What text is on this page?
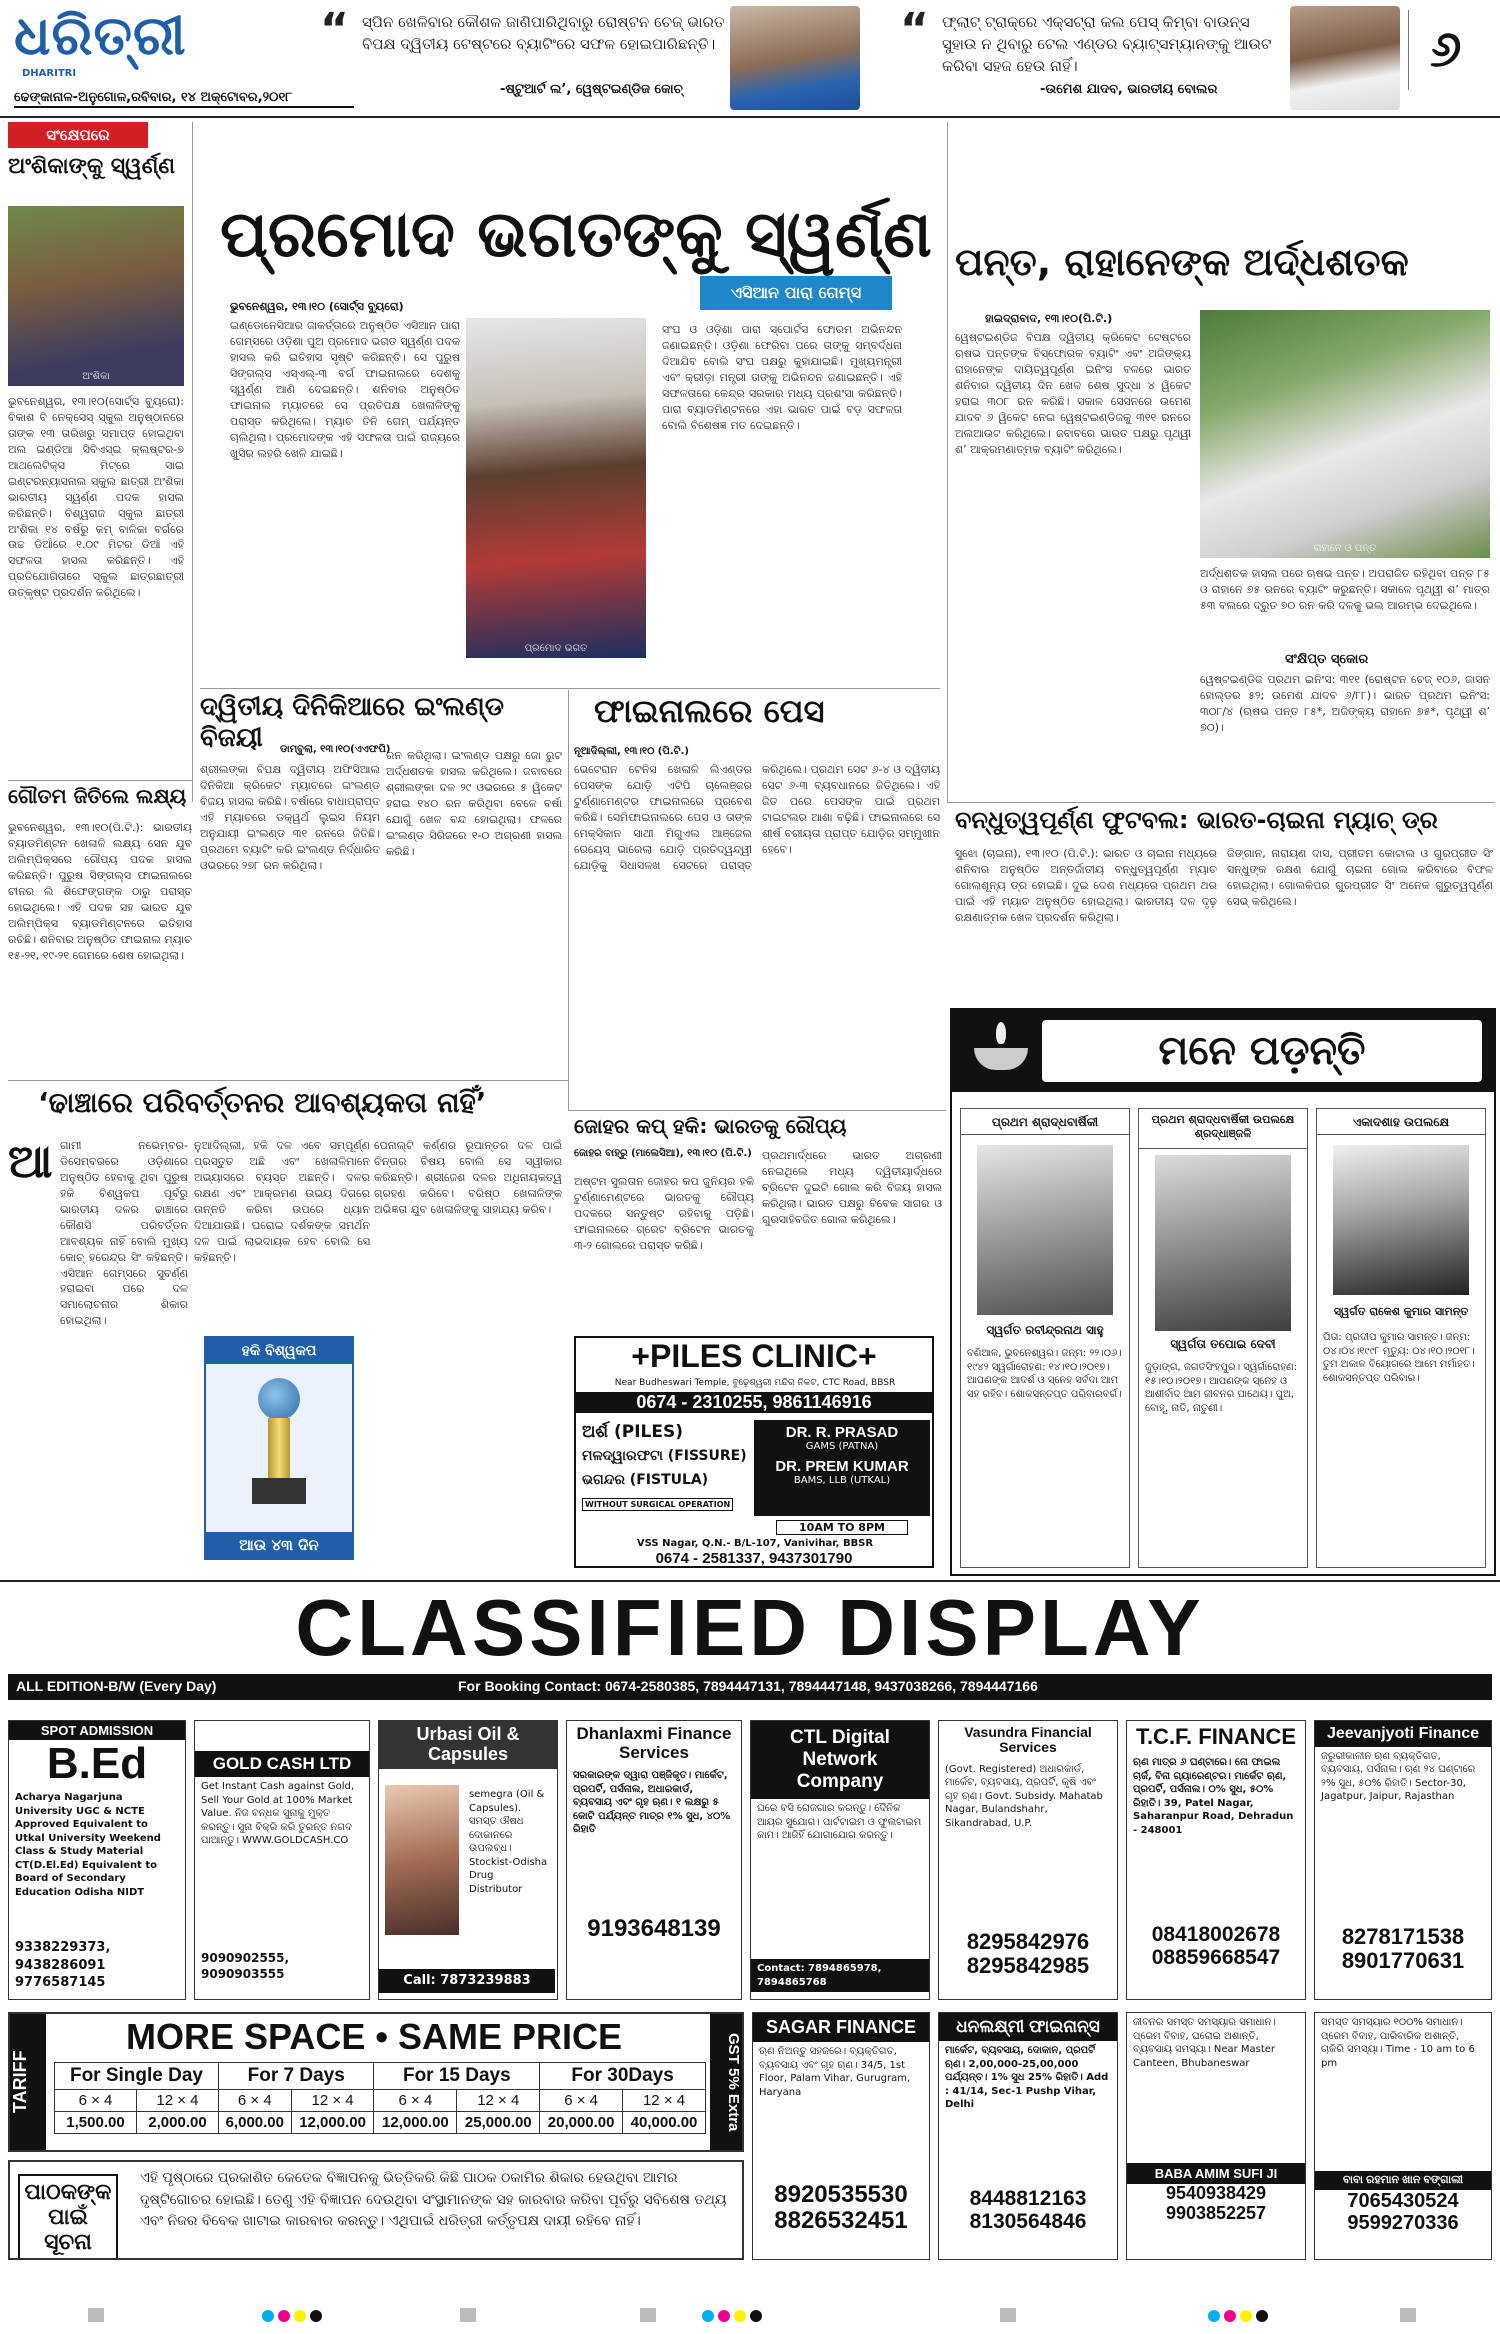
ଧରିତ୍ରୀ
DHARITRI
ଢେଙ୍କାନାଳ-ଅନୁଗୋଳ,ରବିବାର, ୧୪ ଅକ୍ଟୋବର,୨୦୧୮
୬
“ ସ୍ପିନ ଖେଳିବାର କୌଶଳ ଜାଣିପାରିଥିବାରୁ ରୋଷ୍ଟନ ଚେଜ୍ ଭାରତ ବିପକ୍ଷ ଦ୍ୱିତୀୟ ଟେଷ୍ଟରେ ବ୍ୟାଟିଂରେ ସଫଳ ହୋଇପାରିଛନ୍ତି।
-ଷ୍ଟୁଆର୍ଟ ଲ’, ୱେଷ୍ଟଇଣ୍ଡିଜ କୋଚ୍
“ ଫ୍ଲାଟ୍ ଟ୍ରାକ୍‌ରେ ଏକ୍ସଟ୍ରା କଲ ପେସ୍ କିମ୍ବା ବାଉନ୍ସ ସୁହାଉ ନ ଥିବାରୁ ଟେଲ ଏଣ୍ଡର ବ୍ୟାଟ୍ସମ୍ୟାନଙ୍କୁ ଆଉଟ କରିବା ସହଜ ହେଉ ନାହିଁ।
-ଉମେଶ ଯାଦବ, ଭାରତୀୟ ବୋଲର
ସଂକ୍ଷେପରେ
ଅଂଶିକାଙ୍କୁ ସ୍ୱର୍ଣ୍ଣ
ଅଂଶିକା
ଭୁବନେଶ୍ୱର, ୧୩।୧୦(ସୋର୍ଟ୍ସ ବ୍ୟୁରୋ): ବିକାଶ ବି ନେକ୍ସେସ୍ ସ୍କୁଲ ଅନୁଷ୍ଠାନରେ ତାଙ୍କ ୧୩ ତାରିଖରୁ ସମାପ୍ତ ହୋଇଥିବା ଅଲ ଇଣ୍ଡିଆ ସିବିଏସ୍‌ଇ କ୍ଲଷ୍ଟର-୭ ଆଥଲେଟିକ୍ସ ମିଟ୍‌ରେ ସାଇ ଇଣ୍ଟରନ୍ୟାସନାଲ ସ୍କୁଲ ଛାତ୍ରୀ ଅଂଶିକା ଭାରତୀୟ ସ୍ୱର୍ଣ୍ଣ ପଦକ ହାସଲ କରିଛନ୍ତି। ବିଶ୍ୱରାଜ ସ୍କୁଲ ଛାତ୍ରୀ ଅଂଶିକା ୧୪ ବର୍ଷରୁ କମ୍ ବାଳିକା ବର୍ଗରେ ଉଚ୍ଚ ଡିଆଁରେ ୧.୦୯ ମିଟର ଡିଆଁ ଏହି ସଫଳତା ହାସଲ କରିଛନ୍ତି। ଏହି ପ୍ରତିଯୋଗିତାରେ ସ୍କୁଲ ଛାତ୍ରଛାତ୍ରୀ ଉତ୍କୃଷ୍ଟ ପ୍ରଦର୍ଶନ କରିଥିଲେ।
ପ୍ରମୋଦ ଭଗତଙ୍କୁ ସ୍ୱର୍ଣ୍ଣ
ଭୁବନେଶ୍ୱର, ୧୩।୧୦ (ସୋର୍ଟ୍ସ ବ୍ୟୁରୋ)
ଇଣ୍ଡୋନେସିଆର ଜାକର୍ତ୍ତାରେ ଅନୁଷ୍ଠିତ ଏସିଆନ ପାରା ଗେମ୍‌ସରେ ଓଡ଼ିଶା ପୁଅ ପ୍ରମୋଦ ଭଗତ ସ୍ୱର୍ଣ୍ଣ ପଦକ ହାସଲ କରି ଇତିହାସ ସୃଷ୍ଟି କରିଛନ୍ତି। ସେ ପୁରୁଷ ସିଙ୍ଗଲ୍ସ ଏସ୍‌ଏଲ୍-୩ ବର୍ଗ ଫାଇନାଲରେ ଦେଶକୁ ସ୍ୱର୍ଣ୍ଣ ଆଣି ଦେଇଛନ୍ତି। ଶନିବାର ଅନୁଷ୍ଠିତ ଫାଇନାଲ ମ୍ୟାଚରେ ସେ ପ୍ରତିପକ୍ଷ ଖେଳାଳିଙ୍କୁ ପରାସ୍ତ କରିଥିଲେ। ମ୍ୟାଚ ତିନି ଗେମ୍ ପର୍ଯ୍ୟନ୍ତ ଚାଲିଥିଲା। ପ୍ରମୋଦଙ୍କ ଏହି ସଫଳତା ପାଇଁ ରାଜ୍ୟରେ ଖୁସିର ଲହରି ଖେଳି ଯାଇଛି।
ପ୍ରମୋଦ ଭଗତ
ଏସିଆନ ପାରା ଗେମ୍ସ
ସଂଘ ଓ ଓଡ଼ିଶା ପାରା ସ୍ପୋର୍ଟସ ଫୋରମ ଅଭିନନ୍ଦନ ଜଣାଇଛନ୍ତି। ଓଡ଼ିଶା ଫେରିବା ପରେ ତାଙ୍କୁ ସମ୍ବର୍ଦ୍ଧନା ଦିଆଯିବ ବୋଲି ସଂଘ ପକ୍ଷରୁ କୁହାଯାଇଛି। ମୁଖ୍ୟମନ୍ତ୍ରୀ ଏବଂ କ୍ରୀଡ଼ା ମନ୍ତ୍ରୀ ତାଙ୍କୁ ଅଭିନନ୍ଦନ ଜଣାଇଛନ୍ତି। ଏହି ସଫଳତାରେ କେନ୍ଦ୍ର ସରକାର ମଧ୍ୟ ପ୍ରଶଂସା କରିଛନ୍ତି। ପାରା ବ୍ୟାଡମିଣ୍ଟନରେ ଏହା ଭାରତ ପାଇଁ ବଡ଼ ସଫଳତା ବୋଲି ବିଶେଷଜ୍ଞ ମତ ଦେଇଛନ୍ତି।
ପନ୍ତ, ରାହାନେଙ୍କ ଅର୍ଦ୍ଧଶତକ
ହାଇଦ୍ରାବାଦ, ୧୩।୧୦(ପି.ଟି.)
ୱେଷ୍ଟଇଣ୍ଡିଜ ବିପକ୍ଷ ଦ୍ୱିତୀୟ କ୍ରିକେଟ ଟେଷ୍ଟରେ ଋଷଭ ପନ୍ତଙ୍କ ବିସ୍ଫୋରକ ବ୍ୟାଟିଂ ଏବଂ ଅଜିଙ୍କ୍ୟ ରାହାନେଙ୍କ ଦାୟିତ୍ୱପୂର୍ଣ୍ଣ ଇନିଂସ ବଳରେ ଭାରତ ଶନିବାର ଦ୍ୱିତୀୟ ଦିନ ଖେଳ ଶେଷ ସୁଦ୍ଧା ୪ ୱିକେଟ ହରାଇ ୩୦୮ ରନ କରିଛି। ସକାଳ ସେସନରେ ଉମେଶ ଯାଦବ ୬ ୱିକେଟ ନେଇ ୱେଷ୍ଟଇଣ୍ଡିଜକୁ ୩୧୧ ରନରେ ଅଲଆଉଟ କରିଥିଲେ। ଜବାବରେ ଭାରତ ପକ୍ଷରୁ ପୃଥ୍ୱୀ ଶ’ ଆକ୍ରମଣାତ୍ମକ ବ୍ୟାଟିଂ କରିଥିଲେ।
ରାହାନେ ଓ ପନ୍ତ
ଅର୍ଦ୍ଧଶତକ ହାସଲ ପରେ ଋଷଭ ପନ୍ତ। ଅପରାଜିତ ରହିଥିବା ପନ୍ତ ୮୫ ଓ ରାହାନେ ୭୫ ରନରେ ବ୍ୟାଟିଂ କରୁଛନ୍ତି। ସକାଳେ ପୃଥ୍ୱୀ ଶ’ ମାତ୍ର ୫୩ ବଲରେ ଦ୍ରୁତ ୭୦ ରନ କରି ଦଳକୁ ଭଲ ଆରମ୍ଭ ଦେଇଥିଲେ।
ସଂକ୍ଷିପ୍ତ ସ୍କୋର
ୱେଷ୍ଟଇଣ୍ଡିଜ ପ୍ରଥମ ଇନିଂସ: ୩୧୧ (ରୋଷ୍ଟନ ଚେଜ୍ ୧୦୬, ଜାସନ ହୋଲ୍ଡର ୫୨; ଉମେଶ ଯାଦବ ୬/୮୮)। ଭାରତ ପ୍ରଥମ ଇନିଂସ: ୩୦୮/୪ (ଋଷଭ ପନ୍ତ ୮୫*, ଅଜିଙ୍କ୍ୟ ରାହାନେ ୭୫*, ପୃଥ୍ୱୀ ଶ’ ୭୦)।
ଦ୍ୱିତୀୟ ଦିନିକିଆରେ ଇଂଲଣ୍ଡ ବିଜୟୀ	ଡାମ୍ବୁଲା, ୧୩।୧୦(ଏଏଫପି)
ଶ୍ରୀଲଙ୍କା ବିପକ୍ଷ ଦ୍ୱିତୀୟ ଅଫିସିଆଲ ଦିନିକିଆ କ୍ରିକେଟ ମ୍ୟାଚରେ ଇଂଲଣ୍ଡ ବିଜୟ ହାସଲ କରିଛି। ବର୍ଷାରେ ବାଧାପ୍ରାପ୍ତ ଏହି ମ୍ୟାଚରେ ଡକ୍‌ୱର୍ଥ ଲୁଇସ ନିୟମ ଅନୁଯାୟୀ ଇଂଲଣ୍ଡ ୩୧ ରନରେ ଜିତିଛି। ପ୍ରଥମେ ବ୍ୟାଟିଂ କରି ଇଂଲଣ୍ଡ ନିର୍ଦ୍ଧାରିତ ଓଭରରେ ୨୭୮ ରନ କରିଥିଲା।
ରନ କରିଥିଲା। ଇଂଲଣ୍ଡ ପକ୍ଷରୁ ଜୋ ରୁଟ ଅର୍ଦ୍ଧଶତକ ହାସଲ କରିଥିଲେ। ଜବାବରେ ଶ୍ରୀଲଙ୍କା ଦଳ ୨୯ ଓଭରରେ ୫ ୱିକେଟ ହରାଇ ୧୪୦ ରନ କରିଥିବା ବେଳେ ବର୍ଷା ଯୋଗୁଁ ଖେଳ ବନ୍ଦ ହୋଇଥିଲା। ଫଳରେ ଇଂଲଣ୍ଡ ସିରିଜରେ ୧-୦ ଅଗ୍ରଣୀ ହାସଲ କରିଛି।
ଫାଇନାଲରେ ପେସ
ନୂଆଦିଲ୍ଲୀ, ୧୩।୧୦ (ପି.ଟି.)
ଭେଟେରାନ ଟେନିସ ଖେଳାଳି ଲିଏଣ୍ଡର ପେସଙ୍କ ଯୋଡ଼ି ଏଟିପି ଚାଲେଞ୍ଜର ଟୁର୍ଣ୍ଣାମେଣ୍ଟର ଫାଇନାଲରେ ପ୍ରବେଶ କରିଛି। ସେମିଫାଇନାଲରେ ପେସ ଓ ତାଙ୍କ ମେକ୍ସିକାନ ସାଥୀ ମିଗୁଏଲ ଆଞ୍ଜେଲ ରେୟେସ୍ ଭାରେଲା ଯୋଡ଼ି ପ୍ରତିଦ୍ୱନ୍ଦ୍ୱୀ ଯୋଡ଼ିକୁ ସିଧାସଳଖ ସେଟରେ ପରାସ୍ତ କରିଥିଲେ। ପ୍ରଥମ ସେଟ ୬-୪ ଓ ଦ୍ୱିତୀୟ ସେଟ ୬-୩ ବ୍ୟବଧାନରେ ଜିତିଥିଲେ। ଏହି ଜିତ ପରେ ପେସଙ୍କ ପାଇଁ ପ୍ରଥମ ଟାଇଟଲର ଆଶା ବଢ଼ିଛି। ଫାଇନାଲରେ ସେ ଶୀର୍ଷ ବରୀୟତା ପ୍ରାପ୍ତ ଯୋଡ଼ିର ସମ୍ମୁଖୀନ ହେବେ।
ଗୌତମ ଜିତିଲେ ଲକ୍ଷ୍ୟ
ଭୁବନେଶ୍ୱର, ୧୩।୧୦(ପି.ଟି.): ଭାରତୀୟ ବ୍ୟାଡମିଣ୍ଟନ ଖେଳାଳି ଲକ୍ଷ୍ୟ ସେନ ଯୁବ ଅଲିମ୍ପିକ୍ସରେ ରୌପ୍ୟ ପଦକ ହାସଲ କରିଛନ୍ତି। ପୁରୁଷ ସିଙ୍ଗଲ୍ସ ଫାଇନାଲରେ ଚୀନର ଲି ଶିଫେଙ୍ଗଙ୍କ ଠାରୁ ପରାସ୍ତ ହୋଇଥିଲେ। ଏହି ପଦକ ସହ ଭାରତ ଯୁବ ଅଲିମ୍ପିକ୍ସ ବ୍ୟାଡମିଣ୍ଟନରେ ଇତିହାସ ରଚିଛି। ଶନିବାର ଅନୁଷ୍ଠିତ ଫାଇନାଲ ମ୍ୟାଚ ୧୫-୨୧, ୧୯-୨୧ ଗେମରେ ଶେଷ ହୋଇଥିଲା।
ବନ୍ଧୁତ୍ୱପୂର୍ଣ୍ଣ ଫୁଟବଲ: ଭାରତ-ଚାଇନା ମ୍ୟାଚ୍ ଡ୍ର
ସୁଝୋ (ଚାଇନା), ୧୩।୧୦ (ପି.ଟି.): ଭାରତ ଓ ଚାଇନା ମଧ୍ୟରେ ଶନିବାର ଅନୁଷ୍ଠିତ ଅନ୍ତର୍ଜାତୀୟ ବନ୍ଧୁତ୍ୱପୂର୍ଣ୍ଣ ମ୍ୟାଚ ଗୋଲଶୂନ୍ୟ ଡ୍ର ହୋଇଛି। ଦୁଇ ଦେଶ ମଧ୍ୟରେ ପ୍ରଥମ ଥର ପାଇଁ ଏହି ମ୍ୟାଚ ଅନୁଷ୍ଠିତ ହୋଇଥିଲା। ଭାରତୀୟ ଦଳ ଦୃଢ଼ ରକ୍ଷଣାତ୍ମକ ଖେଳ ପ୍ରଦର୍ଶନ କରିଥିଲା।
ଜିଙ୍ଗାନ, ନାରାୟଣ ଦାସ, ପ୍ରୀତମ କୋଟାଲ ଓ ଗୁରପ୍ରୀତ ସିଂ ସନ୍ଧୁଙ୍କ ରକ୍ଷଣ ଯୋଗୁଁ ଚାଇନା ଗୋଲ କରିବାରେ ବିଫଳ ହୋଇଥିଲା। ଗୋଲକିପର ଗୁରପ୍ରୀତ ସିଂ ଅନେକ ଗୁରୁତ୍ୱପୂର୍ଣ୍ଣ ସେଭ୍ କରିଥିଲେ।
ମନେ ପଡ଼ନ୍ତି
ପ୍ରଥମ ଶ୍ରାଦ୍ଧବାର୍ଷିକୀ
ସ୍ୱର୍ଗତ ରବୀନ୍ଦ୍ରନାଥ ସାହୁ
ବଣିଆଳ, ଭୁବନେଶ୍ୱର। ଜନ୍ମ: ୨୨।୦୬।୧୯୪୨ ସ୍ୱର୍ଗାରୋହଣ: ୧୪।୧୦।୨୦୧୭। ଆପଣଙ୍କ ଆଦର୍ଶ ଓ ସ୍ନେହ ସର୍ବଦା ଆମ ସହ ରହିବ। ଶୋକସନ୍ତପ୍ତ ପରିବାରବର୍ଗ।
ପ୍ରଥମ ଶ୍ରାଦ୍ଧବାର୍ଷିକୀ ଉପଲକ୍ଷେ ଶ୍ରଦ୍ଧାଞ୍ଜଳି
ସ୍ୱର୍ଗତା ତପୋଇ ଦେବୀ
ଜୁଡ଼ାଙ୍ଗ, ଜଗତସିଂହପୁର। ସ୍ୱର୍ଗାରୋହଣ: ୧୫।୧୦।୨୦୧୭। ଆପଣଙ୍କ ସ୍ନେହ ଓ ଆଶୀର୍ବାଦ ଆମ ଜୀବନର ପାଥେୟ। ପୁଅ, ବୋହୂ, ନାତି, ନାତୁଣୀ।
ଏକାଦଶାହ ଉପଲକ୍ଷେ
ସ୍ୱର୍ଗତ ରାକେଶ କୁମାର ସାମନ୍ତ
ପିତା: ପ୍ରଦୀପ କୁମାର ସାମନ୍ତ। ଜନ୍ମ: ୦୪।୦୪।୧୯୯୮ ମୃତ୍ୟୁ: ୦୪।୧୦।୨୦୧୮। ତୁମ ଅକାଳ ବିୟୋଗରେ ଆମେ ମର୍ମାହତ। ଶୋକସନ୍ତପ୍ତ ପରିବାର।
‘ଢାଞ୍ଚାରେ ପରିବର୍ତ୍ତନର ଆବଶ୍ୟକତା ନାହିଁ’
ଆ ଗାମୀ ନଭେମ୍ବର-ଡିସେମ୍ବରରେ ଓଡ଼ିଶାରେ ଅନୁଷ୍ଠିତ ହେବାକୁ ଥିବା ପୁରୁଷ ହକି ବିଶ୍ୱକପ ପୂର୍ବରୁ ଭାରତୀୟ ଦଳର ଢାଞ୍ଚାରେ କୌଣସି ପରିବର୍ତ୍ତନ ଆବଶ୍ୟକ ନାହିଁ ବୋଲି ମୁଖ୍ୟ କୋଚ୍ ହରେନ୍ଦ୍ର ସିଂ କହିଛନ୍ତି। ଏସିଆନ ଗେମ୍ସରେ ସୁବର୍ଣ୍ଣ ହରାଇବା ପରେ ଦଳ ସମାଲୋଚନାର ଶିକାର ହୋଇଥିଲା।
ନୁଆଦିଲ୍ଲୀ, ହକି ଦଳ ଏବେ ସମ୍ପୂର୍ଣ୍ଣ ପ୍ରସ୍ତୁତ ଅଛି ଏବଂ ଖେଳାଳିମାନେ ଅଭ୍ୟାସରେ ବ୍ୟସ୍ତ ଅଛନ୍ତି। ଦଳର ରକ୍ଷଣ ଏବଂ ଆକ୍ରମଣ ଉଭୟ ଦିଗରେ ଉନ୍ନତି କରିବା ଉପରେ ଧ୍ୟାନ ଦିଆଯାଉଛି। ଘରୋଇ ଦର୍ଶକଙ୍କ ସମର୍ଥନ ଦଳ ପାଇଁ ଲାଭଦାୟକ ହେବ ବୋଲି ସେ କହିଛନ୍ତି।
ହକି ବିଶ୍ୱକପ
ଆଉ ୪୩ ଦିନ
ପେନାଲ୍ଟି କର୍ଣ୍ଣର ରୂପାନ୍ତର ଦଳ ପାଇଁ ଚିନ୍ତାର ବିଷୟ ବୋଲି ସେ ସ୍ୱୀକାର କରିଛନ୍ତି। ଶ୍ରୀଜେଶ ଦଳର ଅଧିନାୟକତ୍ୱ ଗ୍ରହଣ କରିବେ। ବରିଷ୍ଠ ଖେଳାଳିଙ୍କ ଅଭିଜ୍ଞତା ଯୁବ ଖେଳାଳିଙ୍କୁ ସାହାଯ୍ୟ କରିବ।
ଜୋହର କପ୍ ହକି: ଭାରତକୁ ରୌପ୍ୟ
ଜୋହର ବାହ୍ରୁ (ମାଲେସିଆ), ୧୩।୧୦ (ପି.ଟି.)
ଅଷ୍ଟମ ସୁଲତାନ ଜୋହର କପ ଜୁନିୟର ହକି ଟୁର୍ଣ୍ଣାମେଣ୍ଟରେ ଭାରତକୁ ରୌପ୍ୟ ପଦକରେ ସନ୍ତୁଷ୍ଟ ରହିବାକୁ ପଡ଼ିଛି। ଫାଇନାଲରେ ଗ୍ରେଟ ବ୍ରିଟେନ ଭାରତକୁ ୩-୨ ଗୋଲରେ ପରାସ୍ତ କରିଛି।
ପ୍ରଥମାର୍ଦ୍ଧରେ ଭାରତ ଅଗ୍ରଣୀ ନେଇଥିଲେ ମଧ୍ୟ ଦ୍ୱିତୀୟାର୍ଦ୍ଧରେ ବ୍ରିଟେନ ଦୁଇଟି ଗୋଲ କରି ବିଜୟ ହାସଲ କରିଥିଲା। ଭାରତ ପକ୍ଷରୁ ବିବେକ ସାଗର ଓ ଗୁରସାହିବଜିତ ଗୋଲ କରିଥିଲେ।
+PILES CLINIC+
Near Budheswari Temple, ବୁଢ଼େଶ୍ୱରୀ ମନ୍ଦିର ନିକଟ, CTC Road, BBSR
0674 - 2310255, 9861146916
ଅର୍ଶ (PILES)
ମଳଦ୍ୱାରଫଟା (FISSURE)
ଭଗନ୍ଦର (FISTULA)
WITHOUT SURGICAL OPERATION
DR. R. PRASAD
GAMS (PATNA)
DR. PREM KUMAR
BAMS, LLB (UTKAL)
10AM TO 8PM
VSS Nagar, Q.N.- B/L-107, Vanivihar, BBSR
0674 - 2581337, 9437301790
CLASSIFIED DISPLAY
ALL EDITION-B/W (Every Day)	For Booking Contact: 0674-2580385, 7894447131, 7894447148, 9437038266, 7894447166
SPOT ADMISSION
B.Ed
Acharya Nagarjuna University UGC & NCTE Approved Equivalent to Utkal University Weekend Class & Study Material CT(D.El.Ed) Equivalent to Board of Secondary Education Odisha NIDT
9338229373, 9438286091 9776587145
GOLD CASH LTD
Get Instant Cash against Gold, Sell Your Gold at 100% Market Value. ନିଜ ବନ୍ଧକ ସୁନାକୁ ମୁକ୍ତ କରନ୍ତୁ। ସୁନା ବିକ୍ରି କରି ତୁରନ୍ତ ନଗଦ ପାଆନ୍ତୁ। WWW.GOLDCASH.CO
9090902555, 9090903555
Urbasi Oil & Capsules
semegra (Oil & Capsules). ସମସ୍ତ ଔଷଧ ଦୋକାନରେ ଉପଲବ୍ଧ। Stockist-Odisha Drug Distributor
Call: 7873239883
Dhanlaxmi Finance Services
ସରକାରଙ୍କ ଦ୍ୱାରା ପଞ୍ଜିକୃତ। ମାର୍କେଟ, ପ୍ରପର୍ଟି, ପର୍ସନାଲ, ଅଧାରକାର୍ଡ, ବ୍ୟବସାୟ ଏବଂ ଗୃହ ଋଣ। ୧ ଲକ୍ଷରୁ ୫ କୋଟି ପର୍ଯ୍ୟନ୍ତ ମାତ୍ର ୧% ସୁଧ, ୪୦% ରିହାତି
9193648139
CTL Digital Network Company
ଘରେ ବସି ରୋଜଗାର କରନ୍ତୁ। ଦୈନିକ ଆୟର ସୁଯୋଗ। ପାର୍ଟଟାଇମ ଓ ଫୁଲଟାଇମ କାମ। ଆଜିହିଁ ଯୋଗାଯୋଗ କରନ୍ତୁ।
Contact: 7894865978, 7894865768
Vasundra Financial Services
(Govt. Registered) ଅଧାରକାର୍ଡ, ମାର୍କେଟ, ବ୍ୟବସାୟ, ପ୍ରପର୍ଟି, କୃଷି ଏବଂ ଗୃହ ଋଣ। Govt. Subsidy. Mahatab Nagar, Bulandshahr, Sikandrabad, U.P.
8295842976 8295842985
T.C.F. FINANCE
ଋଣ ମାତ୍ର ୬ ଘଣ୍ଟାରେ। ନୋ ଫାଇଲ ଚାର୍ଜ, ବିନା ଗ୍ୟାରେଣ୍ଟର। ମାର୍କେଟ ଋଣ, ପ୍ରପର୍ଟି, ପର୍ସନାଲ। ୦% ସୁଧ, ୫୦% ରିହାତି। 39, Patel Nagar, Saharanpur Road, Dehradun - 248001
08418002678 08859668547
Jeevanjyoti Finance
ଜରୁରୀକାଳୀନ ଋଣ ବ୍ୟକ୍ତିଗତ, ବ୍ୟବସାୟ, ପର୍ସନାଲ। ଋଣ ୨୪ ଘଣ୍ଟାରେ ୨% ସୁଧ, ୫୦% ରିହାତି। Sector-30, Jagatpur, Jaipur, Rajasthan
8278171538 8901770631
TARIFF
MORE SPACE • SAME PRICE	GST 5% Extra
For Single Day		For 7 Days		For 15 Days		For 30Days	
6 × 4	12 × 4	6 × 4	12 × 4	6 × 4	12 × 4	6 × 4	12 × 4
1,500.00	2,000.00	6,000.00	12,000.00	12,000.00	25,000.00	20,000.00	40,000.00
ପାଠକଙ୍କ ପାଇଁ ସୂଚନା
ଏହି ପୃଷ୍ଠାରେ ପ୍ରକାଶିତ କେତେକ ବିଜ୍ଞାପନକୁ ଭିତ୍ତିକରି କିଛି ପାଠକ ଠକାମିର ଶିକାର ହେଉଥିବା ଆମର ଦୃଷ୍ଟିଗୋଚର ହୋଇଛି। ତେଣୁ ଏହି ବିଜ୍ଞାପନ ଦେଉଥିବା ସଂସ୍ଥାମାନଙ୍କ ସହ କାରବାର କରିବା ପୂର୍ବରୁ ସବିଶେଷ ତଥ୍ୟ ଏବଂ ନିଜର ବିବେକ ଖାଟାଇ କାରବାର କରନ୍ତୁ। ଏଥିପାଇଁ ଧରିତ୍ରୀ କର୍ତ୍ତୃପକ୍ଷ ଦାୟୀ ରହିବେ ନାହିଁ।
SAGAR FINANCE
ଋଣ ନିଅନ୍ତୁ ସହଜରେ। ବ୍ୟକ୍ତିଗତ, ବ୍ୟବସାୟ ଏବଂ ଗୃହ ଋଣ। 34/5, 1st Floor, Palam Vihar, Gurugram, Haryana
8920535530 8826532451
ଧନଲକ୍ଷ୍ମୀ ଫାଇନାନ୍ସ
ମାର୍କେଟ, ବ୍ୟବସାୟ, ଦୋକାନ, ପ୍ରପର୍ଟି ଋଣ। 2,00,000-25,00,000 ପର୍ଯ୍ୟନ୍ତ। 1% ସୁଧ 25% ରିହାତି। Add : 41/14, Sec-1 Pushp Vihar, Delhi
8448812163 8130564846
ଜୀବନର ସମସ୍ତ ସମସ୍ୟାର ସମାଧାନ। ପ୍ରେମ ବିବାହ, ଘରୋଇ ଅଶାନ୍ତି, ବ୍ୟବସାୟ ସମସ୍ୟା। Near Master Canteen, Bhubaneswar
BABA AMIM SUFI JI
9540938429 9903852257
ସମସ୍ତ ସମସ୍ୟାର ୧୦୦% ସମାଧାନ। ପ୍ରେମ ବିବାହ, ପାରିବାରିକ ଅଶାନ୍ତି, ଚାକିରି ସମସ୍ୟା। Time - 10 am to 6 pm
ବାବା ରହମାନ ଖାନ ବଙ୍ଗାଲୀ
7065430524 9599270336
